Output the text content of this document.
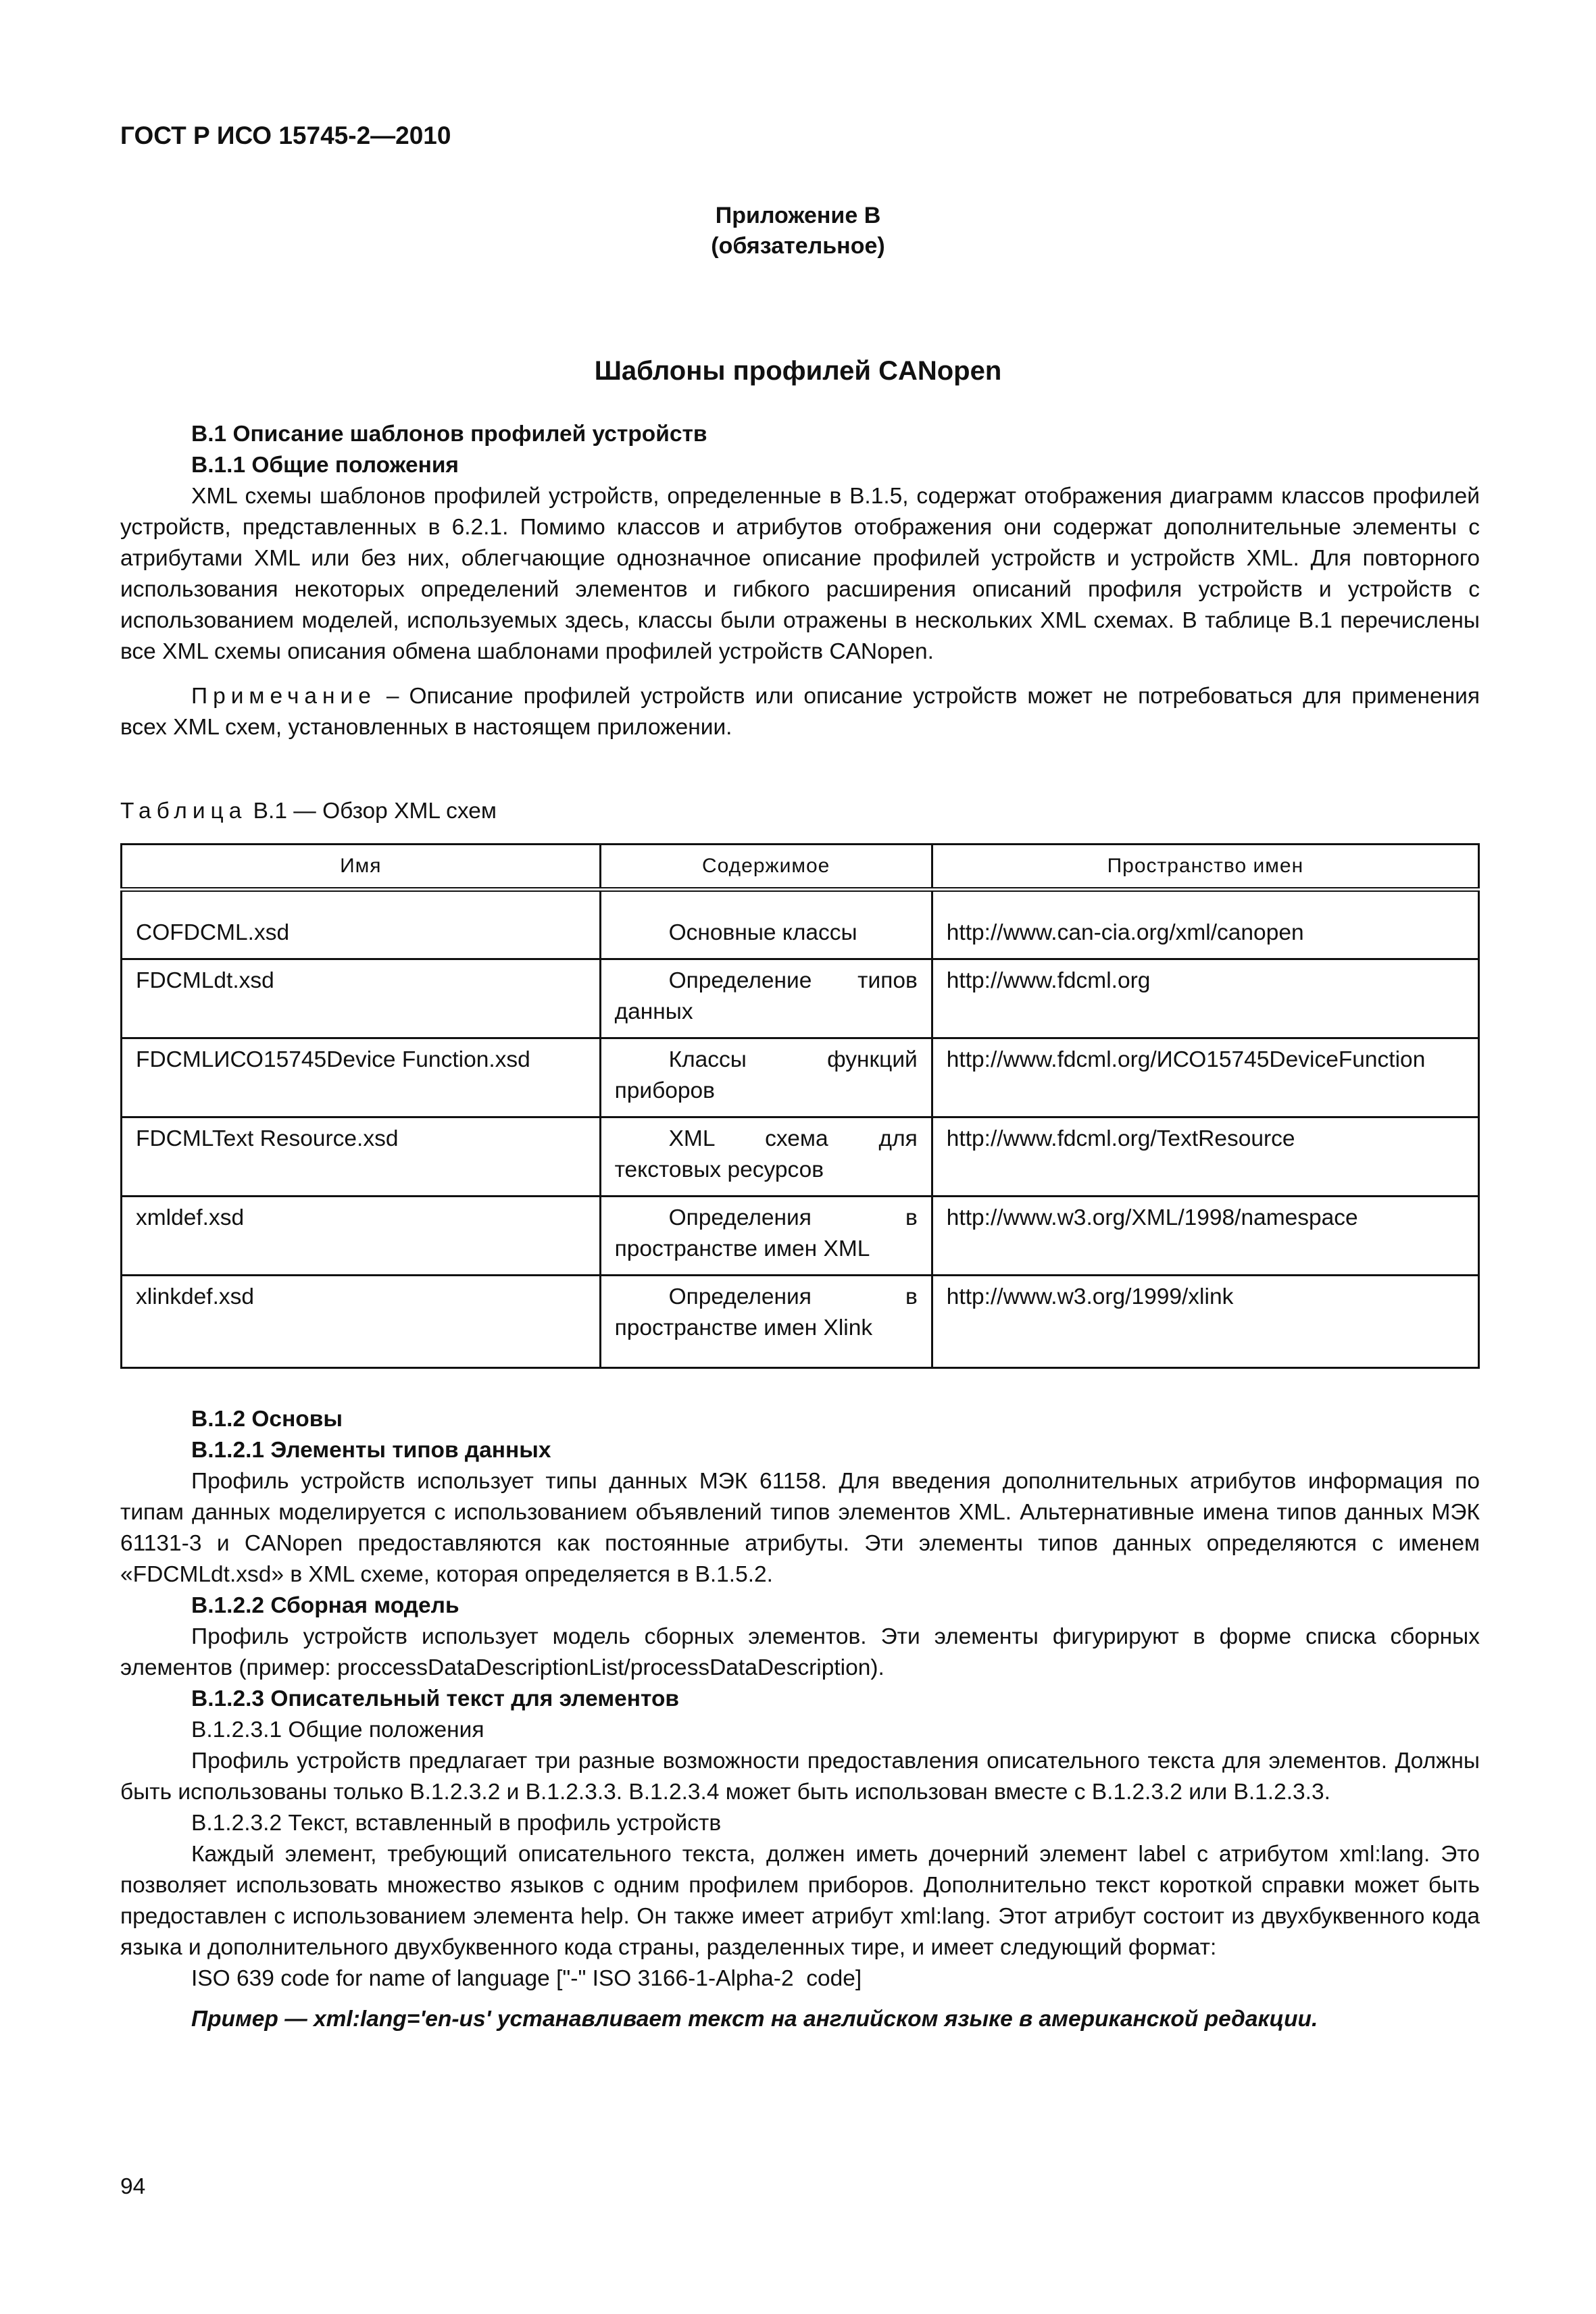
ГОСТ Р ИСО 15745-2—2010
Приложение В
(обязательное)
Шаблоны профилей CANopen
В.1 Описание шаблонов профилей устройств
В.1.1 Общие положения

XML схемы шаблонов профилей устройств, определенные в В.1.5, содержат отображения диаграмм классов профилей устройств, представленных в 6.2.1. Помимо классов и атрибутов отображения они содержат дополнительные элементы с атрибутами XML или без них, облегчающие однозначное описание профилей устройств и устройств XML. Для повторного использования некоторых определений элементов и гибкого расширения описаний профиля устройств и устройств с использованием моделей, используемых здесь, классы были отражены в нескольких XML схемах. В таблице В.1 перечислены все XML схемы описания обмена шаблонами профилей устройств CANopen.

Примечание – Описание профилей устройств или описание устройств может не потребоваться для применения всех XML схем, установленных в настоящем приложении.

Таблица В.1 — Обзор XML схем
Имя	Содержимое	Пространство имен
COFDCML.xsd	Основные классы	http://www.can-cia.org/xml/canopen
FDCMLdt.xsd	Определение типов данных	http://www.fdcml.org
FDCMLИСО15745Device Function.xsd	Классы функций приборов	http://www.fdcml.org/ИСО15745DeviceFunction
FDCMLText Resource.xsd	XML схема для текстовых ресурсов	http://www.fdcml.org/TextResource
xmldef.xsd	Определения в пространстве имен XML	http://www.w3.org/XML/1998/namespace
xlinkdef.xsd	Определения в пространстве имен Xlink	http://www.w3.org/1999/xlink
В.1.2 Основы
В.1.2.1 Элементы типов данных

Профиль устройств использует типы данных МЭК 61158. Для введения дополнительных атрибутов информация по типам данных моделируется с использованием объявлений типов элементов XML. Альтернативные имена типов данных МЭК 61131-3 и CANopen предоставляются как постоянные атрибуты. Эти элементы типов данных определяются с именем «FDCMLdt.xsd» в XML схеме, которая определяется в В.1.5.2.

В.1.2.2 Сборная модель

Профиль устройств использует модель сборных элементов. Эти элементы фигурируют в форме списка сборных элементов (пример: proccessDataDescriptionList/processDataDescription).

В.1.2.3 Описательный текст для элементов
В.1.2.3.1 Общие положения

Профиль устройств предлагает три разные возможности предоставления описательного текста для элементов. Должны быть использованы только В.1.2.3.2 и В.1.2.3.3. В.1.2.3.4 может быть использован вместе с В.1.2.3.2 или В.1.2.3.3.

В.1.2.3.2 Текст, вставленный в профиль устройств

Каждый элемент, требующий описательного текста, должен иметь дочерний элемент label с атрибутом xml:lang. Это позволяет использовать множество языков с одним профилем приборов. Дополнительно текст короткой справки может быть предоставлен с использованием элемента help. Он также имеет атрибут xml:lang. Этот атрибут состоит из двухбуквенного кода языка и дополнительного двухбуквенного кода страны, разделенных тире, и имеет следующий формат:

ISO 639 code for name of language ["-" ISO 3166-1-Alpha-2  code]
Пример — xml:lang='en-us' устанавливает текст на английском языке в американской редакции.
94
